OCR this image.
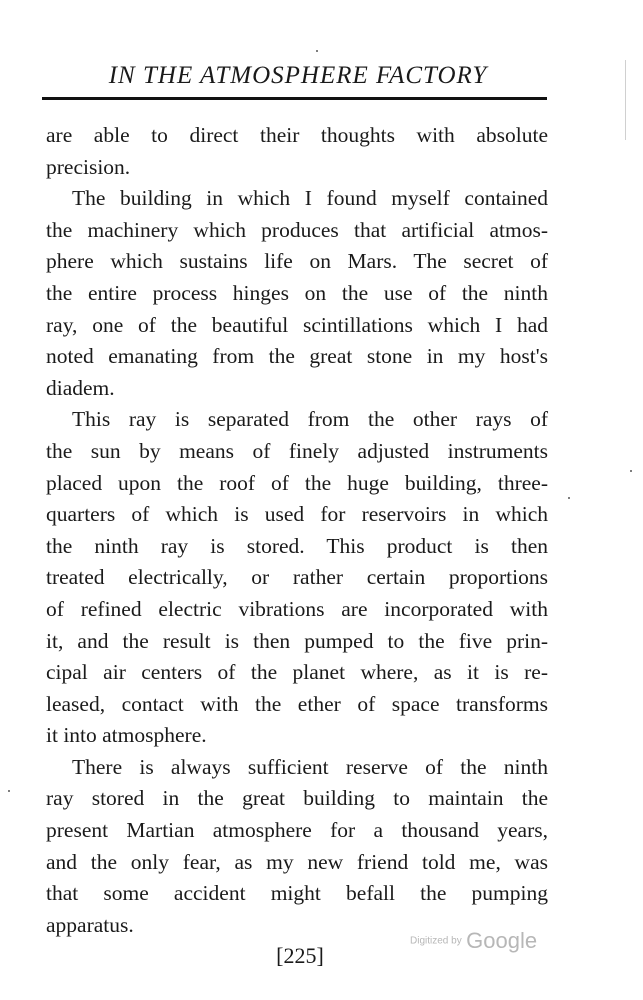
IN THE ATMOSPHERE FACTORY
are able to direct their thoughts with absolute
precision.
The building in which I found myself contained
the machinery which produces that artificial atmos-
phere which sustains life on Mars. The secret of
the entire process hinges on the use of the ninth
ray, one of the beautiful scintillations which I had
noted emanating from the great stone in my host's
diadem.
This ray is separated from the other rays of
the sun by means of finely adjusted instruments
placed upon the roof of the huge building, three-
quarters of which is used for reservoirs in which
the ninth ray is stored. This product is then
treated electrically, or rather certain proportions
of refined electric vibrations are incorporated with
it, and the result is then pumped to the five prin-
cipal air centers of the planet where, as it is re-
leased, contact with the ether of space transforms
it into atmosphere.
There is always sufficient reserve of the ninth
ray stored in the great building to maintain the
present Martian atmosphere for a thousand years,
and the only fear, as my new friend told me, was
that some accident might befall the pumping
apparatus.
Digitized by Google
[225]
